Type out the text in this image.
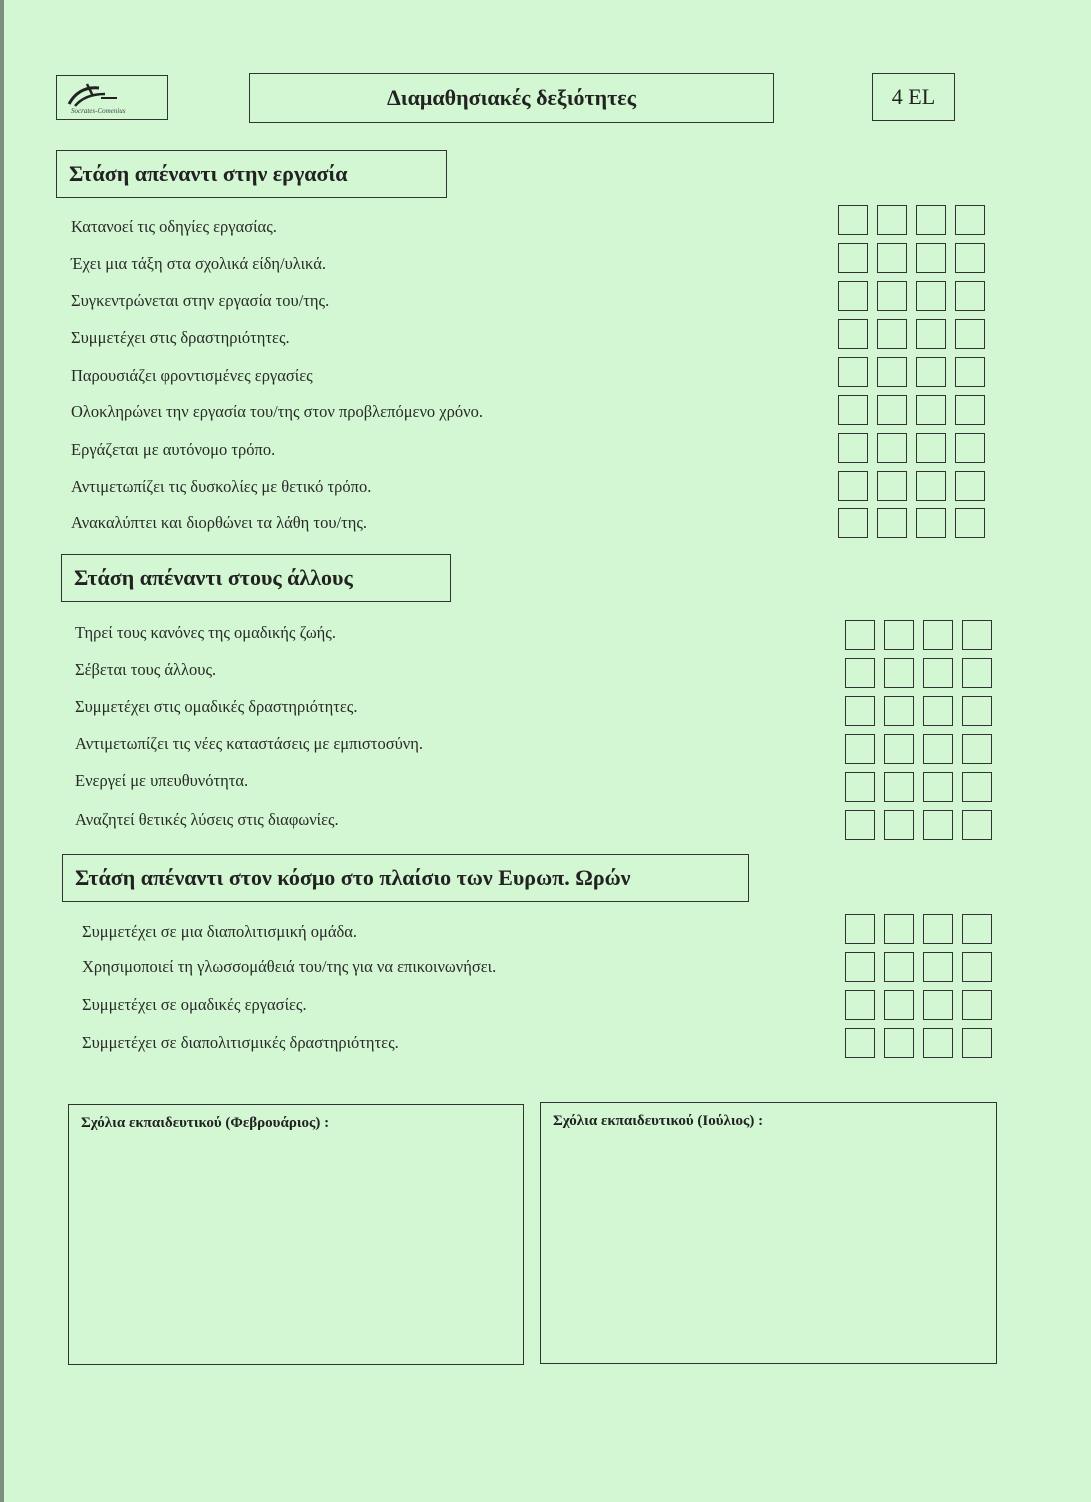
Socrates-Comenius
Διαμαθησιακές δεξιότητες	4 EL
Στάση απέναντι στην εργασία
Στάση απέναντι στους άλλους
Στάση απέναντι στον κόσμο στο πλαίσιο των Ευρωπ. Ωρών
Κατανοεί τις οδηγίες εργασίας.
Έχει μια τάξη στα σχολικά είδη/υλικά.
Συγκεντρώνεται στην εργασία του/της.
Συμμετέχει στις δραστηριότητες.
Παρουσιάζει φροντισμένες εργασίες
Ολοκληρώνει την εργασία του/της στον προβλεπόμενο χρόνο.
Εργάζεται με αυτόνομο τρόπο.
Αντιμετωπίζει τις δυσκολίες με θετικό τρόπο.
Ανακαλύπτει και διορθώνει τα λάθη του/της.
Τηρεί τους κανόνες της ομαδικής ζωής.
Σέβεται τους άλλους.
Συμμετέχει στις ομαδικές δραστηριότητες.
Αντιμετωπίζει τις νέες καταστάσεις με εμπιστοσύνη.
Ενεργεί με υπευθυνότητα.
Αναζητεί θετικές λύσεις στις διαφωνίες.
Συμμετέχει σε μια διαπολιτισμική ομάδα.
Χρησιμοποιεί τη γλωσσομάθειά του/της για να επικοινωνήσει.
Συμμετέχει σε ομαδικές εργασίες.
Συμμετέχει σε διαπολιτισμικές δραστηριότητες.
Σχόλια εκπαιδευτικού (Φεβρουάριος) :	Σχόλια εκπαιδευτικού (Ιούλιος) :
